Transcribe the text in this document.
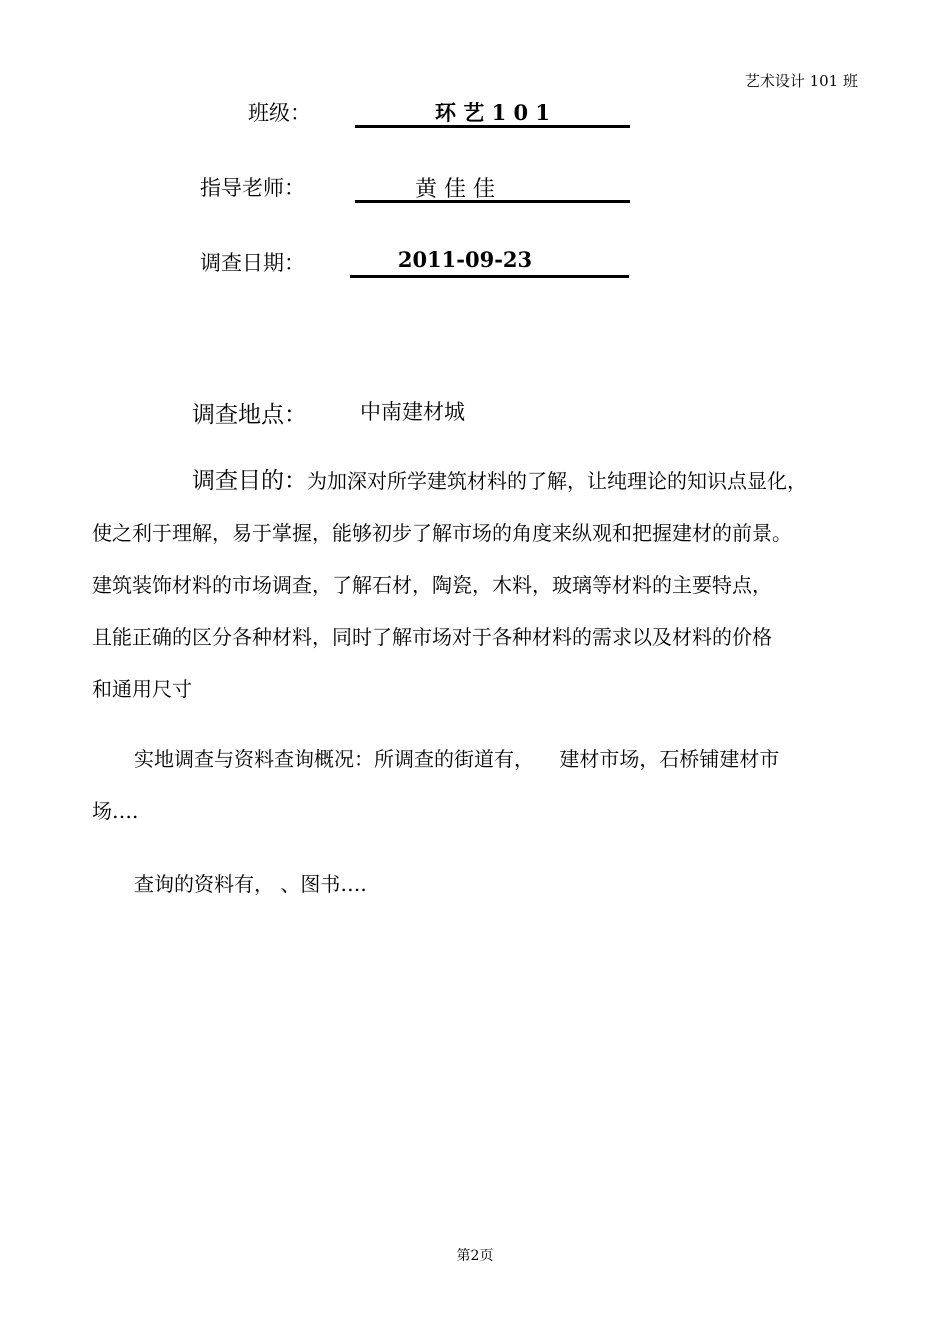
艺术设计 101 班
班级：	环 艺 1 0 1
指导老师：	黄 佳 佳
调查日期：	2011-09-23
调查地点：	中南建材城
调查目的：为加深对所学建筑材料的了解，让纯理论的知识点显化，
使之利于理解，易于掌握，能够初步了解市场的角度来纵观和把握建材的前景。
建筑装饰材料的市场调查，了解石材，陶瓷，木料，玻璃等材料的主要特点，
且能正确的区分各种材料，同时了解市场对于各种材料的需求以及材料的价格
和通用尺寸
实地调查与资料查询概况：所调查的街道有，    建材市场，石桥铺建材市
场….
查询的资料有， 、图书….
第2页
